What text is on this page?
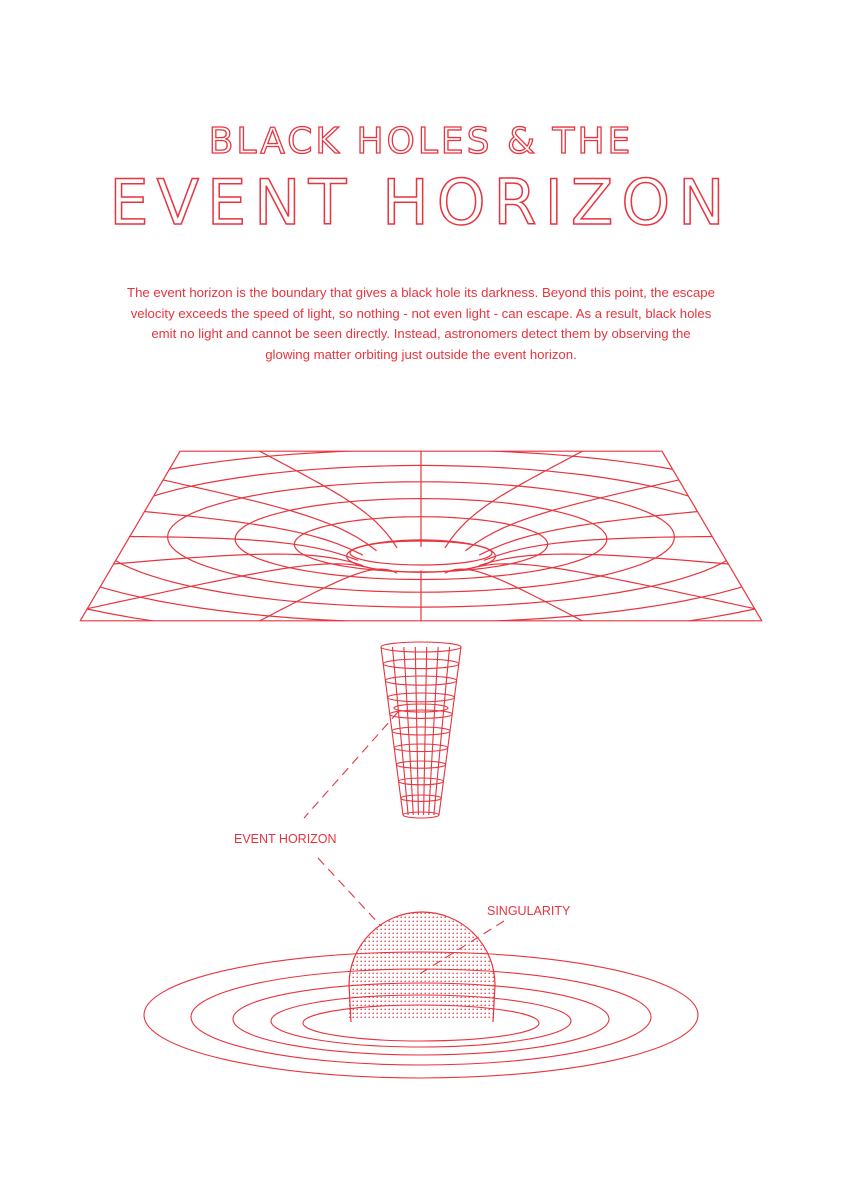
BLACK HOLES & THE
EVENT HORIZON
The event horizon is the boundary that gives a black hole its darkness. Beyond this point, the escape
velocity exceeds the speed of light, so nothing - not even light - can escape. As a result, black holes
emit no light and cannot be seen directly. Instead, astronomers detect them by observing the
glowing matter orbiting just outside the event horizon.
EVENT HORIZON
SINGULARITY
